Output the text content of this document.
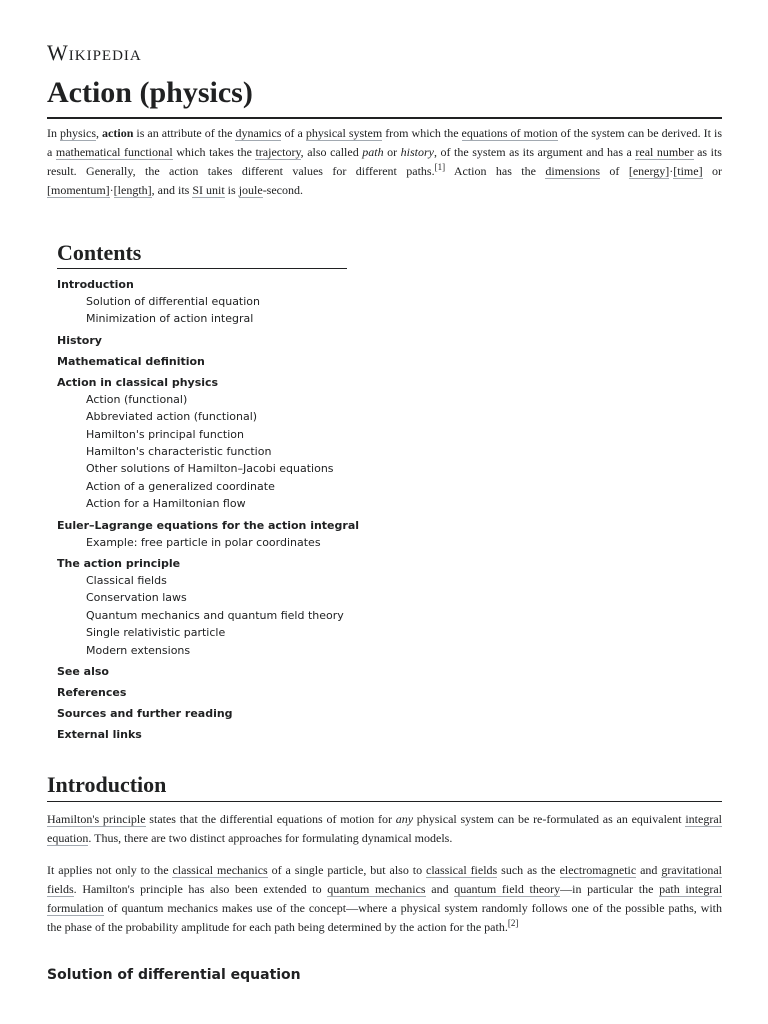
Wikipedia
Action (physics)

In physics, action is an attribute of the dynamics of a physical system from which the equations of motion of the system can be derived. It is a mathematical functional which takes the trajectory, also called path or history, of the system as its argument and has a real number as its result. Generally, the action takes different values for different paths.[1] Action has the dimensions of [energy]·[time] or [momentum]·[length], and its SI unit is joule-second.

Contents
Introduction
Solution of differential equation
Minimization of action integral
History
Mathematical definition
Action in classical physics
Action (functional)
Abbreviated action (functional)
Hamilton's principal function
Hamilton's characteristic function
Other solutions of Hamilton–Jacobi equations
Action of a generalized coordinate
Action for a Hamiltonian flow
Euler–Lagrange equations for the action integral
Example: free particle in polar coordinates
The action principle
Classical fields
Conservation laws
Quantum mechanics and quantum field theory
Single relativistic particle
Modern extensions
See also
References
Sources and further reading
External links
Introduction

Hamilton's principle states that the differential equations of motion for any physical system can be re-formulated as an equivalent integral equation. Thus, there are two distinct approaches for formulating dynamical models.

It applies not only to the classical mechanics of a single particle, but also to classical fields such as the electromagnetic and gravitational fields. Hamilton's principle has also been extended to quantum mechanics and quantum field theory—in particular the path integral formulation of quantum mechanics makes use of the concept—where a physical system randomly follows one of the possible paths, with the phase of the probability amplitude for each path being determined by the action for the path.[2]

Solution of differential equation
